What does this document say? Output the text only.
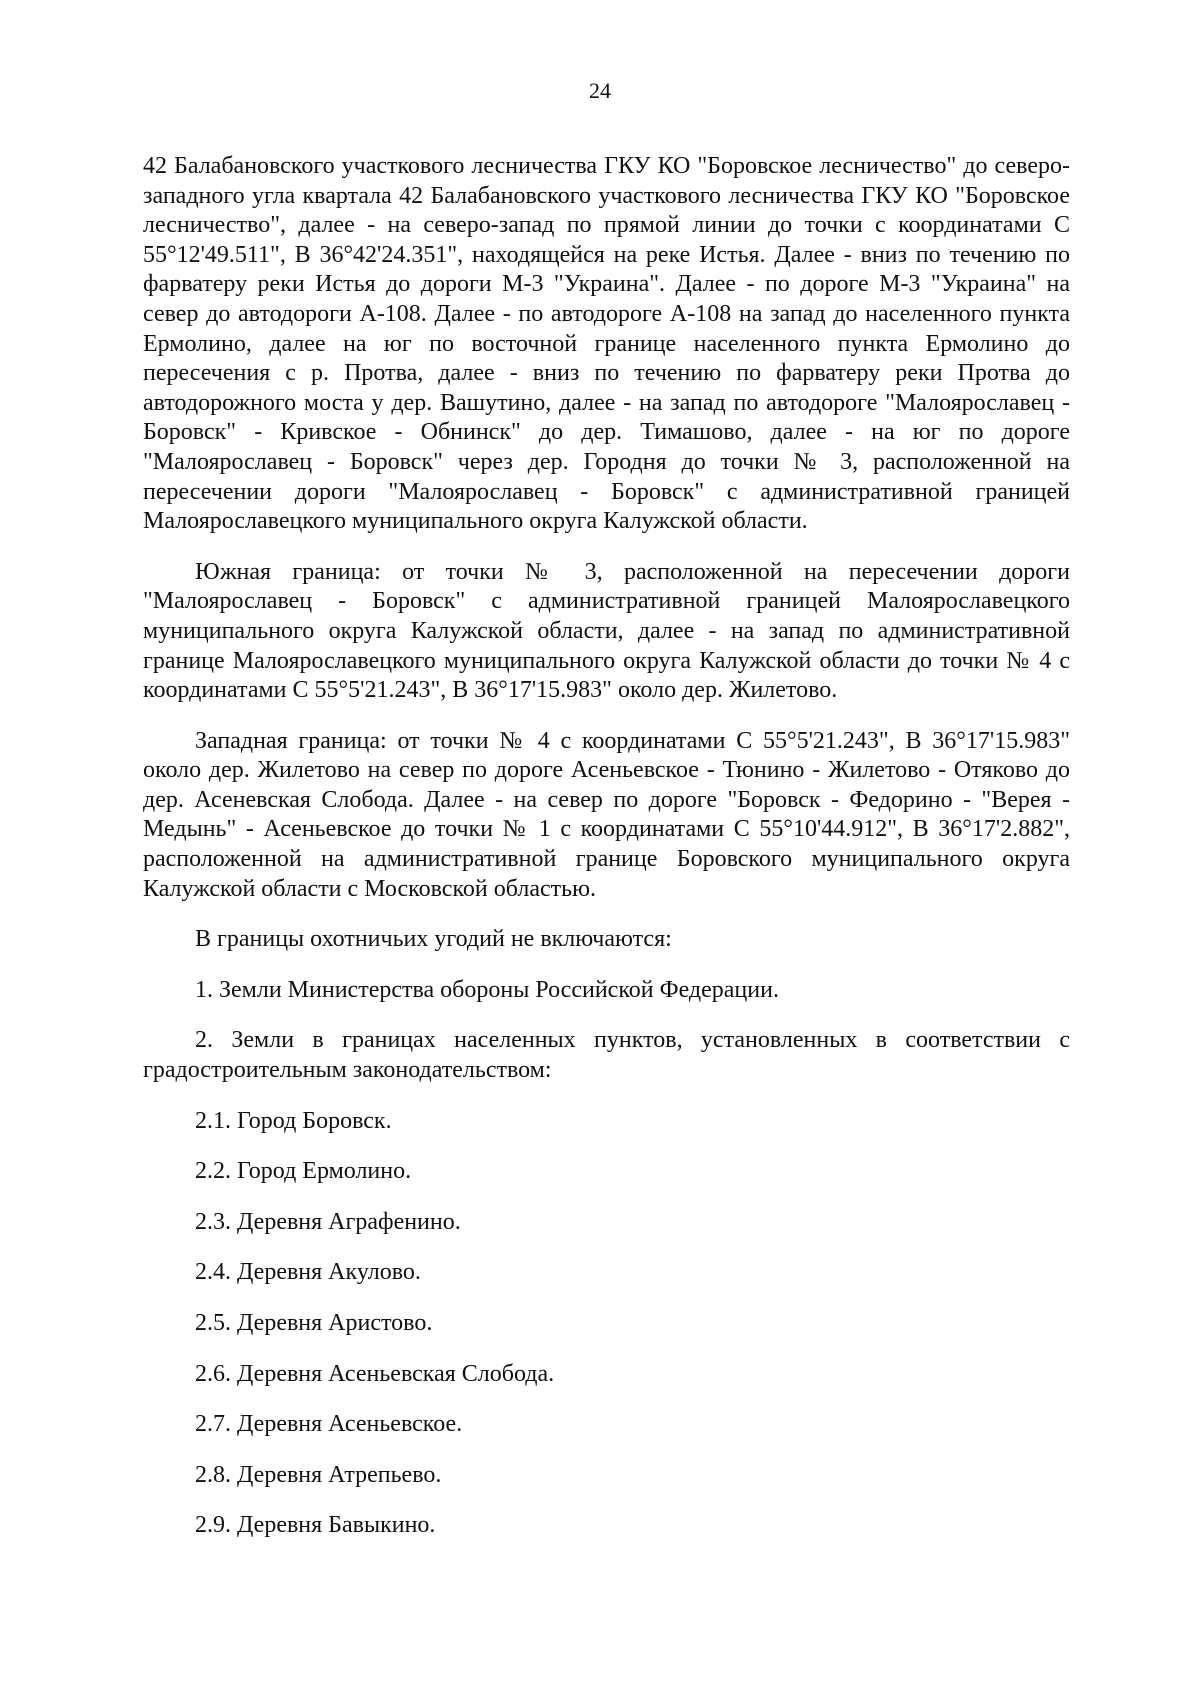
24

42 Балабановского участкового лесничества ГКУ КО "Боровское лесничество" до северо-западного угла квартала 42 Балабановского участкового лесничества ГКУ КО "Боровское лесничество", далее - на северо-запад по прямой линии до точки с координатами С 55°12'49.511", В 36°42'24.351", находящейся на реке Истья. Далее - вниз по течению по фарватеру реки Истья до дороги М-3 "Украина". Далее - по дороге М-3 "Украина" на север до автодороги А-108. Далее - по автодороге А-108 на запад до населенного пункта Ермолино, далее на юг по восточной границе населенного пункта Ермолино до пересечения с р. Протва, далее - вниз по течению по фарватеру реки Протва до автодорожного моста у дер. Вашутино, далее - на запад по автодороге "Малоярославец - Боровск" - Кривское - Обнинск" до дер. Тимашово, далее - на юг по дороге "Малоярославец - Боровск" через дер. Городня до точки № 3, расположенной на пересечении дороги "Малоярославец - Боровск" с административной границей Малоярославецкого муниципального округа Калужской области.

Южная граница: от точки № 3, расположенной на пересечении дороги "Малоярославец - Боровск" с административной границей Малоярославецкого муниципального округа Калужской области, далее - на запад по административной границе Малоярославецкого муниципального округа Калужской области до точки № 4 с координатами С 55°5'21.243", В 36°17'15.983" около дер. Жилетово.

Западная граница: от точки № 4 с координатами С 55°5'21.243", В 36°17'15.983" около дер. Жилетово на север по дороге Асеньевское - Тюнино - Жилетово - Отяково до дер. Асеневская Слобода. Далее - на север по дороге "Боровск - Федорино - "Верея - Медынь" - Асеньевское до точки № 1 с координатами С 55°10'44.912", В 36°17'2.882", расположенной на административной границе Боровского муниципального округа Калужской области с Московской областью.

В границы охотничьих угодий не включаются:

1. Земли Министерства обороны Российской Федерации.

2. Земли в границах населенных пунктов, установленных в соответствии с градостроительным законодательством:

2.1. Город Боровск.

2.2. Город Ермолино.

2.3. Деревня Аграфенино.

2.4. Деревня Акулово.

2.5. Деревня Аристово.

2.6. Деревня Асеньевская Слобода.

2.7. Деревня Асеньевское.

2.8. Деревня Атрепьево.

2.9. Деревня Бавыкино.
